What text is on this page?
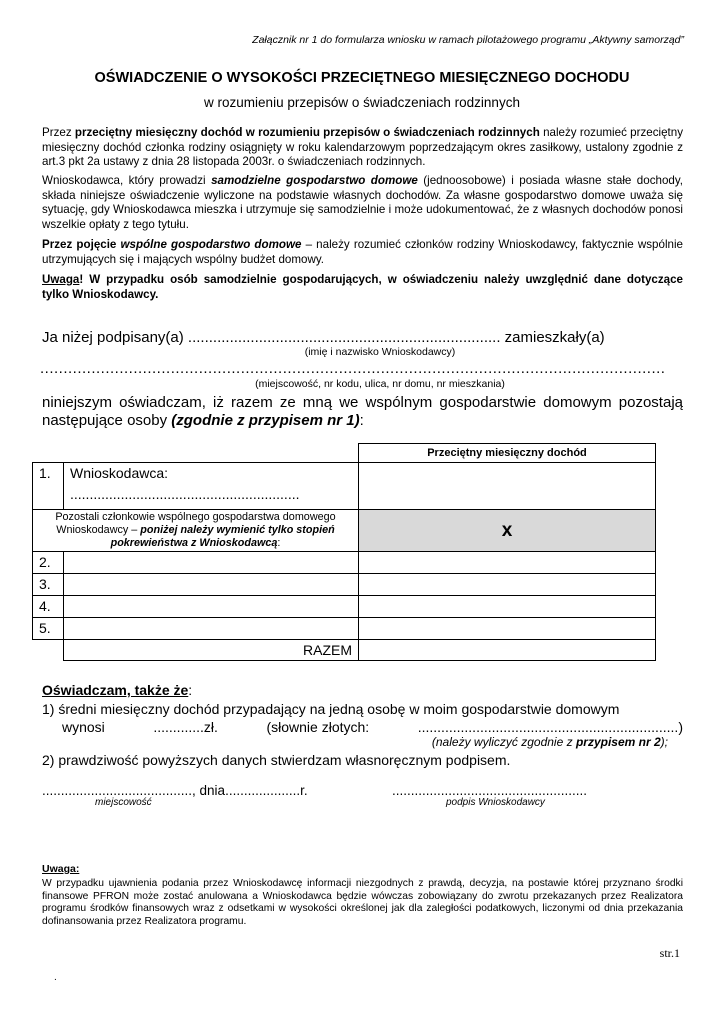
Załącznik nr 1 do formularza wniosku w ramach pilotażowego programu „Aktywny samorząd”
OŚWIADCZENIE O WYSOKOŚCI PRZECIĘTNEGO MIESIĘCZNEGO DOCHODU
w rozumieniu przepisów o świadczeniach rodzinnych
Przez przeciętny miesięczny dochód w rozumieniu przepisów o świadczeniach rodzinnych należy rozumieć przeciętny miesięczny dochód członka rodziny osiągnięty w roku kalendarzowym poprzedzającym okres zasiłkowy, ustalony zgodnie z art.3 pkt 2a ustawy z dnia 28 listopada 2003r. o świadczeniach rodzinnych.
Wnioskodawca, który prowadzi samodzielne gospodarstwo domowe (jednoosobowe) i posiada własne stałe dochody, składa niniejsze oświadczenie wyliczone na podstawie własnych dochodów. Za własne gospodarstwo domowe uważa się sytuację, gdy Wnioskodawca mieszka i utrzymuje się samodzielnie i może udokumentować, że z własnych dochodów ponosi wszelkie opłaty z tego tytułu.
Przez pojęcie wspólne gospodarstwo domowe – należy rozumieć członków rodziny Wnioskodawcy, faktycznie wspólnie utrzymujących się i mających wspólny budżet domowy.
Uwaga! W przypadku osób samodzielnie gospodarujących, w oświadczeniu należy uwzględnić dane dotyczące tylko Wnioskodawcy.
Ja niżej podpisany(a) ........................................................................... zamieszkały(a)
(imię i nazwisko Wnioskodawcy)
......................................................................................................................................
(miejscowość, nr kodu, ulica, nr domu, nr mieszkania)
niniejszym oświadczam, iż razem ze mną we wspólnym gospodarstwie domowym pozostają następujące osoby (zgodnie z przypisem nr 1):
		Przeciętny miesięczny dochód
1.	Wnioskodawca:
...........................................................	

Pozostali członkowie wspólnego gospodarstwa domowego Wnioskodawcy – poniżej należy wymienić tylko stopień pokrewieństwa z Wnioskodawcą:		x
2.		
3.		
4.		
5.		
	RAZEM	
Oświadczam, także że:
1) średni miesięczny dochód przypadający na jedną osobę w moim gospodarstwie domowym
wynosi	.............zł.	(słownie złotych:	...................................................................)
(należy wyliczyć zgodnie z przypisem nr 2);
2) prawdziwość powyższych danych stwierdzam własnoręcznym podpisem.
........................................, dnia....................r.	....................................................
miejscowość	podpis Wnioskodawcy
Uwaga:
W przypadku ujawnienia podania przez Wnioskodawcę informacji niezgodnych z prawdą, decyzja, na postawie której przyznano środki finansowe PFRON może zostać anulowana a Wnioskodawca będzie wówczas zobowiązany do zwrotu przekazanych przez Realizatora programu środków finansowych wraz z odsetkami w wysokości określonej jak dla zaległości podatkowych, liczonymi od dnia przekazania dofinansowania przez Realizatora programu.
str.1
.
